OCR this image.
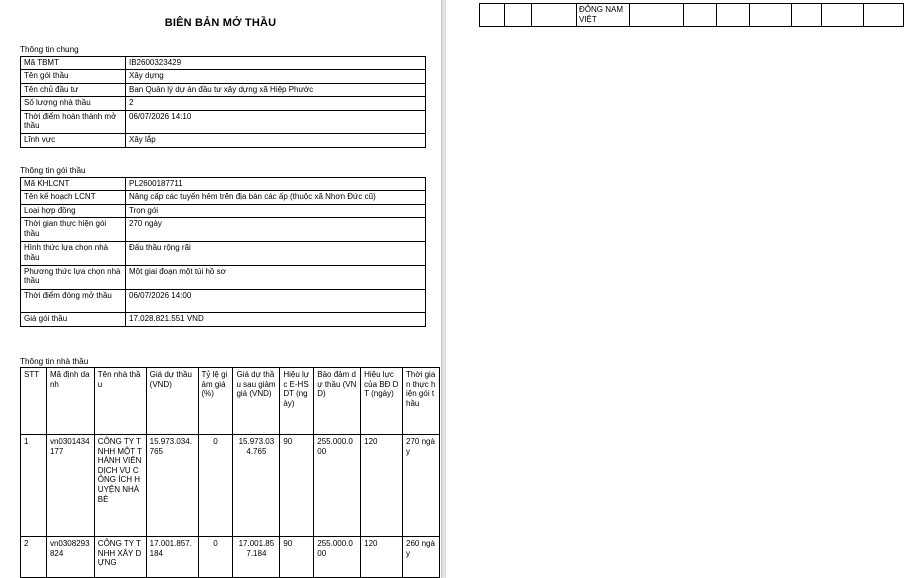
BIÊN BẢN MỞ THẦU
Thông tin chung
Mã TBMT	IB2600323429
Tên gói thầu	Xây dựng
Tên chủ đầu tư	Ban Quản lý dự án đầu tư xây dựng xã Hiệp Phước
Số lượng nhà thầu	2
Thời điểm hoàn thành mở thầu	06/07/2026 14:10
Lĩnh vực	Xây lắp
Thông tin gói thầu
Mã KHLCNT	PL2600187711
Tên kế hoạch LCNT	Nâng cấp các tuyến hẻm trên địa bàn các ấp (thuộc xã Nhơn Đức cũ)
Loại hợp đồng	Trọn gói
Thời gian thực hiện gói thầu	270 ngày
Hình thức lựa chọn nhà thầu	Đấu thầu rộng rãi
Phương thức lựa chọn nhà thầu	Một giai đoạn một túi hồ sơ
Thời điểm đóng mở thầu	06/07/2026 14:00
Giá gói thầu	17.028.821.551 VND
Thông tin nhà thầu
STT	Mã định danh	Tên nhà thầu	Giá dự thầu (VND)	Tỷ lệ giảm giá (%)	Giá dự thầu sau giảm giá (VND)	Hiệu lực E-HSDT (ngày)	Bảo đảm dự thầu (VND)	Hiệu lực của BĐ DT (ngày)	Thời gian thực hiện gói thầu
1	vn0301434177	CÔNG TY TNHH MỘT THÀNH VIÊN DỊCH VỤ CÔNG ÍCH HUYỆN NHÀ BÈ	15.973.034.765	0	15.973.034.765	90	255.000.000	120	270 ngày
2	vn0308293824	CÔNG TY TNHH XÂY DỰNG	17.001.857.184	0	17.001.857.184	90	255.000.000	120	260 ngày
			ĐÔNG NAM VIỆT							
